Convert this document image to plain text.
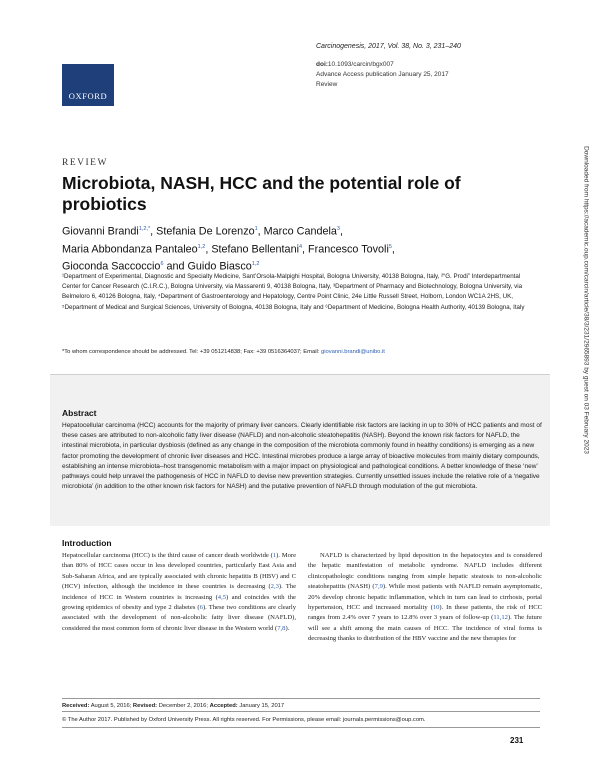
OXFORD
Carcinogenesis, 2017, Vol. 38, No. 3, 231–240
doi:10.1093/carcin/bgx007
Advance Access publication January 25, 2017
Review
REVIEW
Microbiota, NASH, HCC and the potential role of probiotics
Giovanni Brandi$^{1,2,*}$, Stefania De Lorenzo$^1$, Marco Candela$^3$,
Maria Abbondanza Pantaleo$^{1,2}$, Stefano Bellentani$^4$, Francesco Tovoli$^5$,
Gioconda Saccoccio$^6$ and Guido Biasco$^{1,2}$
¹Department of Experimental, Diagnostic and Specialty Medicine, Sant’Orsola-Malpighi Hospital, Bologna University, 40138 Bologna, Italy, ²“G. Prodi” Interdepartmental Center for Cancer Research (C.I.R.C.), Bologna University, via Massarenti 9, 40138 Bologna, Italy, ³Department of Pharmacy and Biotechnology, Bologna University, via Belmeloro 6, 40126 Bologna, Italy, ⁴Department of Gastroenterology and Hepatology, Centre Point Clinic, 24e Little Russell Street, Holborn, London WC1A 2HS, UK, ⁵Department of Medical and Surgical Sciences, University of Bologna, 40138 Bologna, Italy and ⁶Department of Medicine, Bologna Health Authority, 40139 Bologna, Italy
*To whom correspondence should be addressed. Tel: +39 051214838; Fax: +39 0516364037; Email: giovanni.brandi@unibo.it
Abstract

Hepatocellular carcinoma (HCC) accounts for the majority of primary liver cancers. Clearly identifiable risk factors are lacking in up to 30% of HCC patients and most of these cases are attributed to non-alcoholic fatty liver disease (NAFLD) and non-alcoholic steatohepatitis (NASH). Beyond the known risk factors for NAFLD, the intestinal microbiota, in particular dysbiosis (defined as any change in the composition of the microbiota commonly found in healthy conditions) is emerging as a new factor promoting the development of chronic liver diseases and HCC. Intestinal microbes produce a large array of bioactive molecules from mainly dietary compounds, establishing an intense microbiota–host transgenomic metabolism with a major impact on physiological and pathological conditions. A better knowledge of these ‘new’ pathways could help unravel the pathogenesis of HCC in NAFLD to devise new prevention strategies. Currently unsettled issues include the relative role of a ‘negative microbiota’ (in addition to the other known risk factors for NASH) and the putative prevention of NAFLD through modulation of the gut microbiota.

Introduction

Hepatocellular carcinoma (HCC) is the third cause of cancer death worldwide (1). More than 80% of HCC cases occur in less developed countries, particularly East Asia and Sub-Saharan Africa, and are typically associated with chronic hepatitis B (HBV) and C (HCV) infection, although the incidence in these countries is decreasing (2,3). The incidence of HCC in Western countries is increasing (4,5) and coincides with the growing epidemics of obesity and type 2 diabetes (6). These two conditions are clearly associated with the development of non-alcoholic fatty liver disease (NAFLD), considered the most common form of chronic liver disease in the Western world (7,8).

NAFLD is characterized by lipid deposition in the hepatocytes and is considered the hepatic manifestation of metabolic syndrome. NAFLD includes different clinicopathologic conditions ranging from simple hepatic steatosis to non-alcoholic steatohepatitis (NASH) (7,9). While most patients with NAFLD remain asymptomatic, 20% develop chronic hepatic inflammation, which in turn can lead to cirrhosis, portal hypertension, HCC and increased mortality (10). In these patients, the risk of HCC ranges from 2.4% over 7 years to 12.8% over 3 years of follow-up (11,12). The future will see a shift among the main causes of HCC. The incidence of viral forms is decreasing thanks to distribution of the HBV vaccine and the new therapies for

Received: August 5, 2016; Revised: December 2, 2016; Accepted: January 15, 2017
© The Author 2017. Published by Oxford University Press. All rights reserved. For Permissions, please email: journals.permissions@oup.com.
231
Downloaded from https://academic.oup.com/carcin/article/38/3/231/2965893 by guest on 03 February 2023
